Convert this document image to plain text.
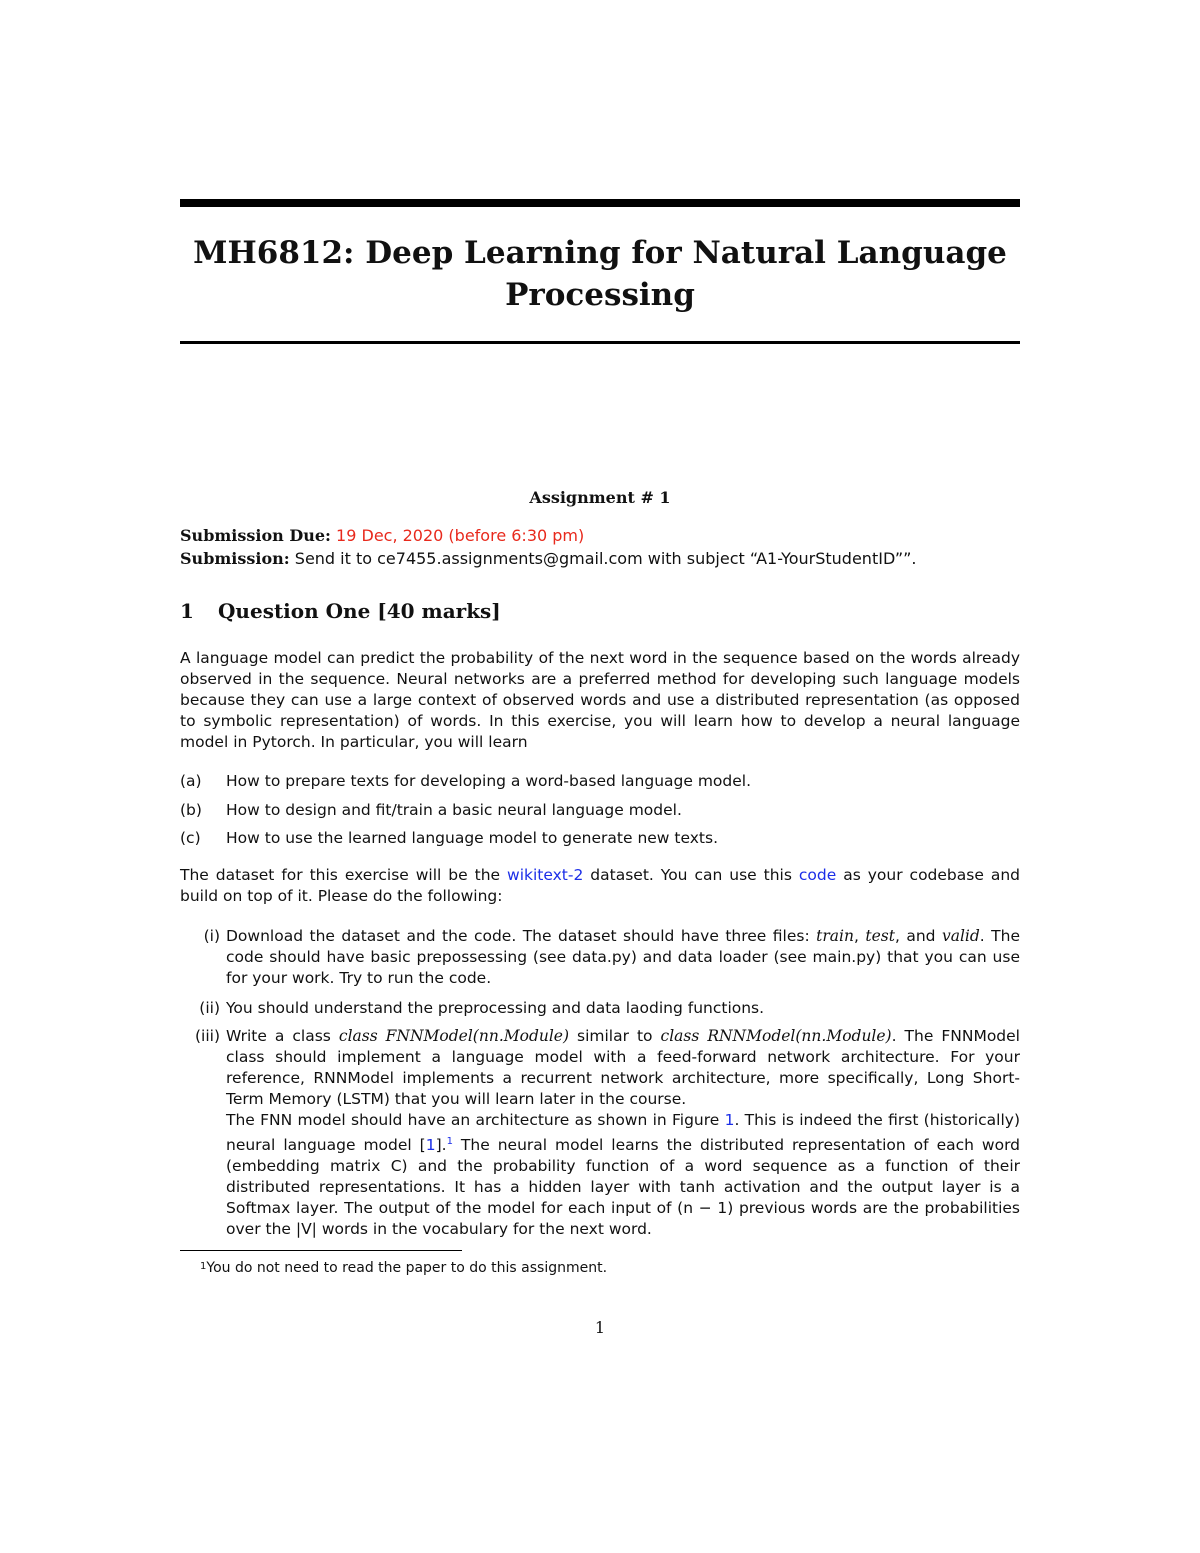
MH6812: Deep Learning for Natural Language
Processing
Assignment # 1
Submission Due: 19 Dec, 2020 (before 6:30 pm)
Submission: Send it to ce7455.assignments@gmail.com with subject “A1-YourStudentID””.
1 Question One [40 marks]
A language model can predict the probability of the next word in the sequence based on the words already observed in the sequence. Neural networks are a preferred method for developing such language models because they can use a large context of observed words and use a distributed representation (as opposed to symbolic representation) of words. In this exercise, you will learn how to develop a neural language model in Pytorch. In particular, you will learn
(a)	How to prepare texts for developing a word-based language model.
(b)	How to design and fit/train a basic neural language model.
(c)	How to use the learned language model to generate new texts.
The dataset for this exercise will be the wikitext-2 dataset. You can use this code as your codebase and build on top of it. Please do the following:
(i) Download the dataset and the code. The dataset should have three files: train, test, and valid. The code should have basic prepossessing (see data.py) and data loader (see main.py) that you can use for your work. Try to run the code.
(ii) You should understand the preprocessing and data laoding functions.
(iii) Write a class class FNNModel(nn.Module) similar to class RNNModel(nn.Module). The FNNModel class should implement a language model with a feed-forward network architecture. For your reference, RNNModel implements a recurrent network architecture, more specifically, Long Short-Term Memory (LSTM) that you will learn later in the course.
The FNN model should have an architecture as shown in Figure 1. This is indeed the first (historically) neural language model [1].$^1$ The neural model learns the distributed representation of each word (embedding matrix C) and the probability function of a word sequence as a function of their distributed representations. It has a hidden layer with tanh activation and the output layer is a Softmax layer. The output of the model for each input of (n − 1) previous words are the probabilities over the |V| words in the vocabulary for the next word.
$^1$You do not need to read the paper to do this assignment.
1
